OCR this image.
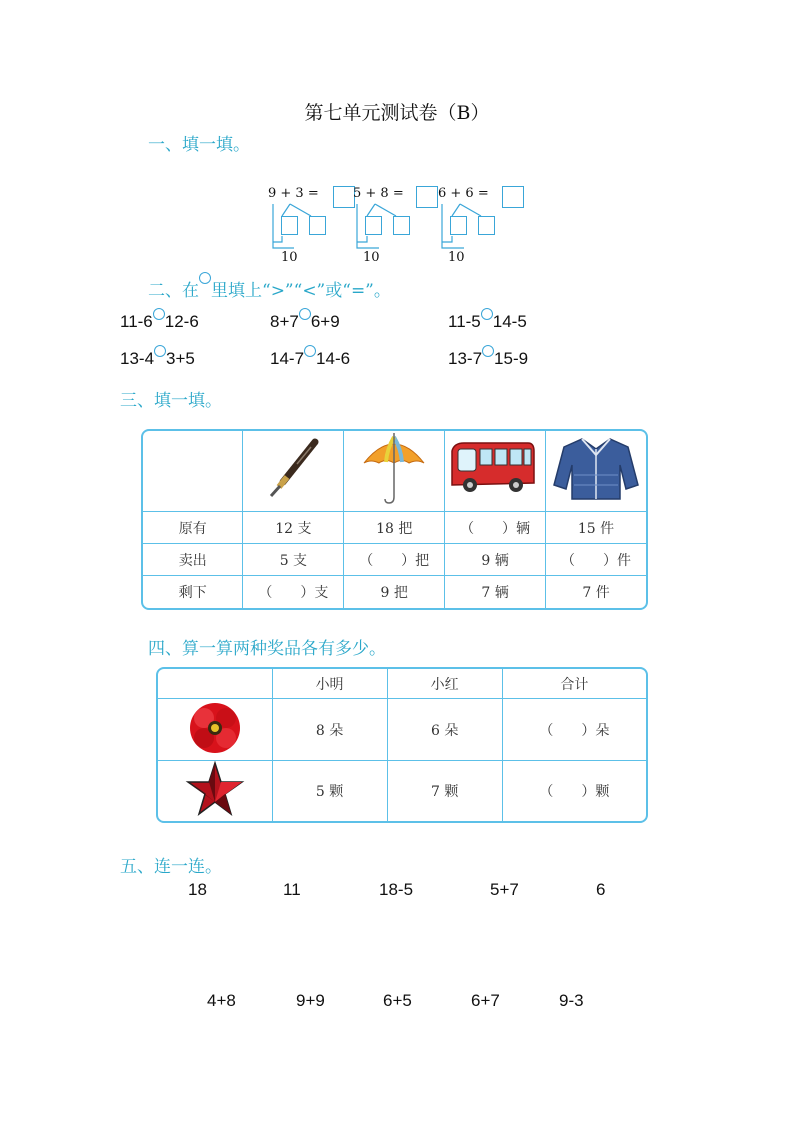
第七单元测试卷（B）
一、填一填。
9 + 3 =
10
5 + 8 =
10
6 + 6 =
10
二、在 里填上“>”“<”或“=”。
11-6 12-6	8+7 6+9	11-5 14-5
13-4 3+5	14-7 14-6	13-7 15-9
三、填一填。

原有	12 支	18 把	（　　）辆	15 件
卖出	5 支	（　　）把	9 辆	（　　）件
剩下	（　　）支	9 把	7 辆	7 件
四、算一算两种奖品各有多少。
	小明	小红	合计
	8 朵	6 朵	（　　）朵
	5 颗	7 颗	（　　）颗
五、连一连。
18	11	18-5	5+7	6
4+8	9+9	6+5	6+7	9-3
